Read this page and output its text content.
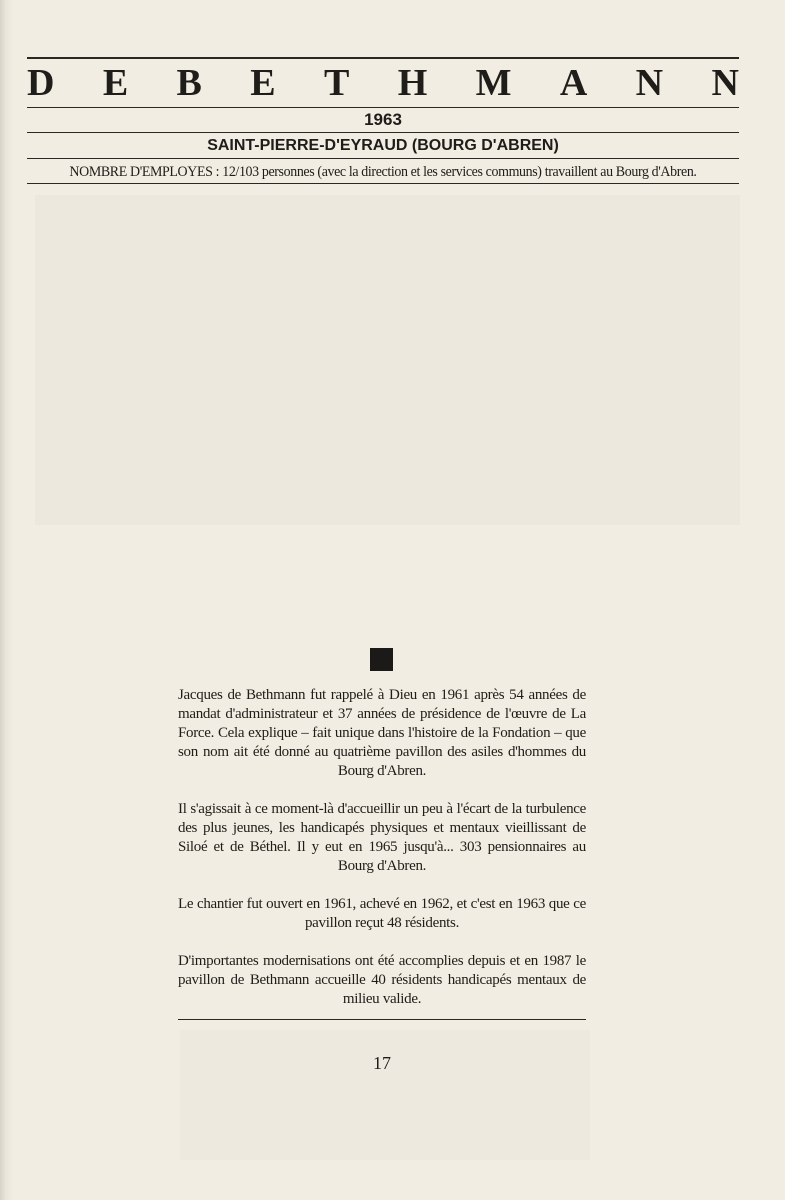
D E B E T H M A N N
1963
SAINT-PIERRE-D'EYRAUD (BOURG D'ABREN)
NOMBRE D'EMPLOYES : 12/103 personnes (avec la direction et les services communs) travaillent au Bourg d'Abren.

Jacques de Bethmann fut rappelé à Dieu en 1961 après 54 années de mandat d'administrateur et 37 années de présidence de l'œuvre de La Force. Cela explique – fait unique dans l'histoire de la Fondation – que son nom ait été donné au quatrième pavillon des asiles d'hommes du Bourg d'Abren.

Il s'agissait à ce moment-là d'accueillir un peu à l'écart de la turbulence des plus jeunes, les handicapés physiques et mentaux vieillissant de Siloé et de Béthel. Il y eut en 1965 jusqu'à... 303 pensionnaires au Bourg d'Abren.

Le chantier fut ouvert en 1961, achevé en 1962, et c'est en 1963 que ce pavillon reçut 48 résidents.

D'importantes modernisations ont été accomplies depuis et en 1987 le pavillon de Bethmann accueille 40 résidents handicapés mentaux de milieu valide.

17
